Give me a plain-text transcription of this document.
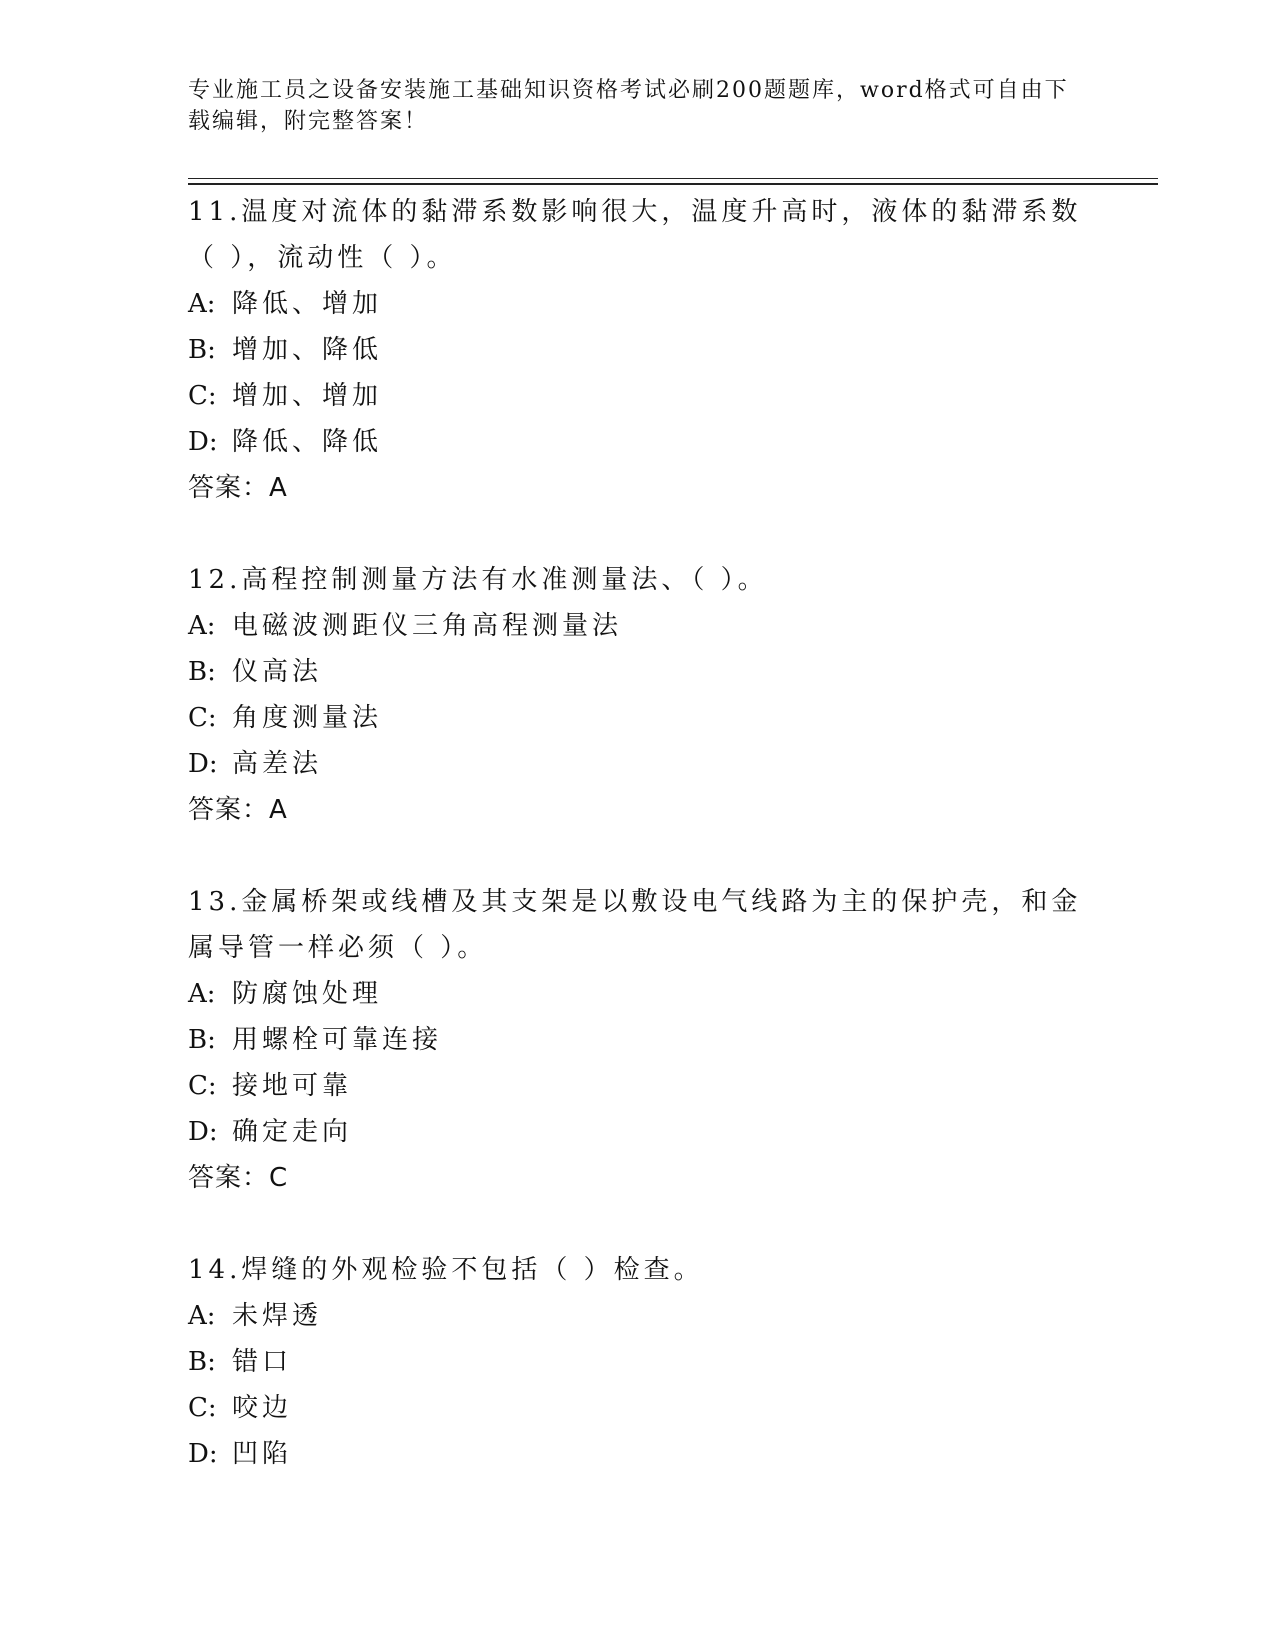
专业施工员之设备安装施工基础知识资格考试必刷200题题库，word格式可自由下载编辑，附完整答案！

11.温度对流体的黏滞系数影响很大，温度升高时，液体的黏滞系数（ ），流动性（ ）。

A: 降低、增加

B: 增加、降低

C: 增加、增加

D: 降低、降低

答案：A

12.高程控制测量方法有水准测量法、（ ）。

A: 电磁波测距仪三角高程测量法

B: 仪高法

C: 角度测量法

D: 高差法

答案：A

13.金属桥架或线槽及其支架是以敷设电气线路为主的保护壳，和金属导管一样必须（ ）。

A: 防腐蚀处理

B: 用螺栓可靠连接

C: 接地可靠

D: 确定走向

答案：C

14.焊缝的外观检验不包括（ ）检查。

A: 未焊透

B: 错口

C: 咬边

D: 凹陷
